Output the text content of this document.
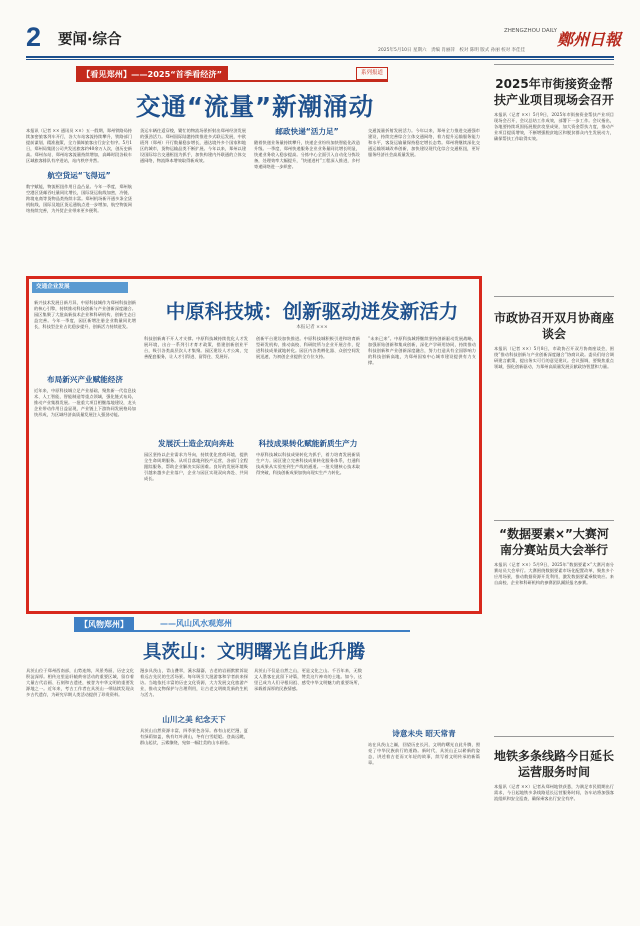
2 要闻·综合
ZHENGZHOU DAILY 鄭州日報
2025年5月10日 星期六　责编 肖丽萍　校对 陈明 版式 孙丽 校对 李佳佳
【看见郑州】——2025“首季看经济”	系列报道
交通“流量”新潮涌动
本报讯（记者 ×× 通讯员 ××）五一假期，郑州铁路局持续加密旅客列车开行，各大车站客流持续攀升，铁路部门提前谋划、精准施策，全力保障旅客出行安全有序。5月1日，郑州局集团公司共发送旅客约40余万人次，创历史新高。郑州东站、郑州站客流量持续增加，高峰时段各候车区域旅客排队有序进站，站内秩序井然。
航空货运“飞得远”
数字赋能，物流枢纽作用日益凸显。今年一季度，郑州航空港区货邮吞吐量同比增长，国际货运航线加密，冷链、跨境电商等货物品类持续丰富。郑州机场新开通多条全货机航线，国际及地区货运通航点进一步增加，航空物流网络持续完善，为外贸企业带来更多便利。
货运车辆往返穿梭，繁忙的物流场景折射出郑州经济发展的强劲活力。郑州国际陆港持续推进多式联运发展，中欧班列（郑州）开行数量稳步增长，通达境外多个国家和地区的城市，货物运输品类不断扩展。今年以来，郑州以建设国际综合交通枢纽为抓手，加快构建内外联通的立体交通网络，物流降本增效取得新成效。
邮政快递“活力足”
随着快递业务量持续攀升，快递企业纷纷加快智能化改造升级。一季度，郑州快递服务企业业务量同比增长明显，快递业务收入稳步提高。分拣中心全面引入自动化分拣设备，处理效率大幅提升，“快递进村”工程深入推进，乡村寄递网络进一步织密。
交通流量折射发展活力。今年以来，郑州全力推进交通强市建设，持续完善综合立体交通网络，着力提升运输服务能力和水平，客货运输量保持稳定增长态势。郑州将继续深化交通运输领域改革创新，加快建设现代化综合交通枢纽，更好服务经济社会高质量发展。
2025年市街接资金帮扶产业项目现场会召开
本报讯（记者 ××）5月9日，2025年市街接资金帮扶产业项目现场会召开，会议总结工作成效，部署下一步工作。会议指出，各地要持续巩固拓展脱贫攻坚成果，加大资金帮扶力度，推动产业项目提质增效，不断增强脱贫地区和脱贫群众内生发展动力，确保帮扶工作取得实效。
市政协召开双月协商座谈会
本报讯（记者 ××）5月8日，市政协召开双月协商座谈会，围绕“推动科技创新与产业创新深度融合”协商议政。委员们结合调研建言献策，提出务实可行的意见建议。会议强调，要聚焦重点领域，强化创新驱动，为郑州高质量发展贡献政协智慧和力量。
“数据要素×”大赛河南分赛站员大会举行
本报讯（记者 ××）5月9日，2025年“数据要素×”大赛河南分赛站员大会举行。大赛围绕数据要素市场化配置改革，聚焦多个应用场景，推动数据资源开发利用，激发数据要素乘数效应。来自高校、企业和科研机构的参赛团队踊跃报名参赛。
地铁多条线路今日延长运营服务时间
本报讯（记者 ××）记者从郑州地铁获悉，为满足市民假期出行需求，今日起地铁多条线路延长运营服务时间，各车站将加强客流组织和安全巡查，确保乘客出行安全有序。
交通企业发展
中原科技城：创新驱动迸发新活力
本报记者 ×××
新兴技术发展日新月异，中原科技城作为郑州科技创新的核心引擎，持续推动科技创新与产业创新深度融合。园区集聚了大批高新技术企业和科研机构，创新生态日益完善。今年一季度，园区新增注册企业数量同比增长，科技型企业占比稳步提升，创新活力持续迸发。
布局新兴产业赋能经济
近年来，中原科技城立足产业基础，聚焦新一代信息技术、人工智能、智能制造等重点领域，强化链式布局，推动产业集群发展。一批重大项目相继落地建设，龙头企业带动作用日益显现，产业链上下游协同发展格局加快形成，为区域经济高质量发展注入强劲动能。
科技创新离不开人才支撑。中原科技城持续优化人才发展环境，出台一系列引才育才政策，搭建创新创业平台，吸引各类高层次人才集聚。园区建设人才公寓，完善配套服务，让人才引得进、留得住、发展好。
发展沃土造企双向奔赴
园区坚持以企业需求为导向，持续优化营商环境，提供全生命周期服务。从项目落地到投产运营，各部门全程跟踪服务，帮助企业解决实际困难。良好的发展环境吸引越来越多企业落户，企业与园区实现双向奔赴、共同成长。
创新平台建设加快推进。中原科技城积极引进和培育新型研发机构，推动高校、科研院所与企业开展合作，促进科技成果就地转化。园区内各类孵化器、众创空间发展迅速，为初创企业提供全方位支持。
科技成果转化赋能新质生产力
中原科技城以科技成果转化为抓手，着力培育发展新质生产力。园区建立完善科技成果转化服务体系，打通科技成果从实验室到生产线的通道。一批关键核心技术取得突破，科技创新成果加快向现实生产力转化。
“未来已来”。中原科技城将继续坚持创新驱动发展战略，加强原始创新和集成创新，深化产学研用协同，持续推动科技创新和产业创新深度融合，努力打造具有全国影响力的科技创新高地，为郑州国家中心城市建设提供有力支撑。
【风物郑州】	——风山风水观郑州
具茨山：文明曙光自此升腾
具茨山位于郑州西南部，山势连绵，风景秀丽，历史文化积淀深厚。相传这里是轩辕黄帝活动的重要区域，留存着大量古代岩画、石刻和古遗迹，被誉为中华文明的重要发源地之一。近年来，考古工作者在具茨山一带陆续发现众多古代遗存，为研究早期人类活动提供了珍贵资料。
漫步具茨山，青山叠翠，溪水潺潺，古老的岩画默默诉说着远古先民的生活场景。每年吸引大批游客和学者前来探访。当地依托丰富的历史文化资源，大力发展文化旅游产业，推动文物保护与合理利用，让古老文明焕发新的生机与活力。
山川之美 纪念天下
具茨山自然资源丰富，四季景色各异。春有山花烂漫，夏有绿荫如盖，秋有红叶满山，冬有白雪皑皑。登高远眺，群山起伏，云雾缭绕，宛如一幅壮美的山水画卷。
具茨山不仅是自然之山，更是文化之山。千百年来，无数文人墨客在此留下诗篇，赞美这片神奇的土地。如今，这里已成为人们寻根问祖、感受中华文明魅力的重要场所，承载着深厚的民族情感。
诗意未央 昭天常青
站在具茨山之巅，回望历史长河，文明的曙光自此升腾，照亮了中华民族前行的道路。新时代，具茨山正以崭新的姿态，讲述着古老而又年轻的故事，续写着文明传承的新篇章。
